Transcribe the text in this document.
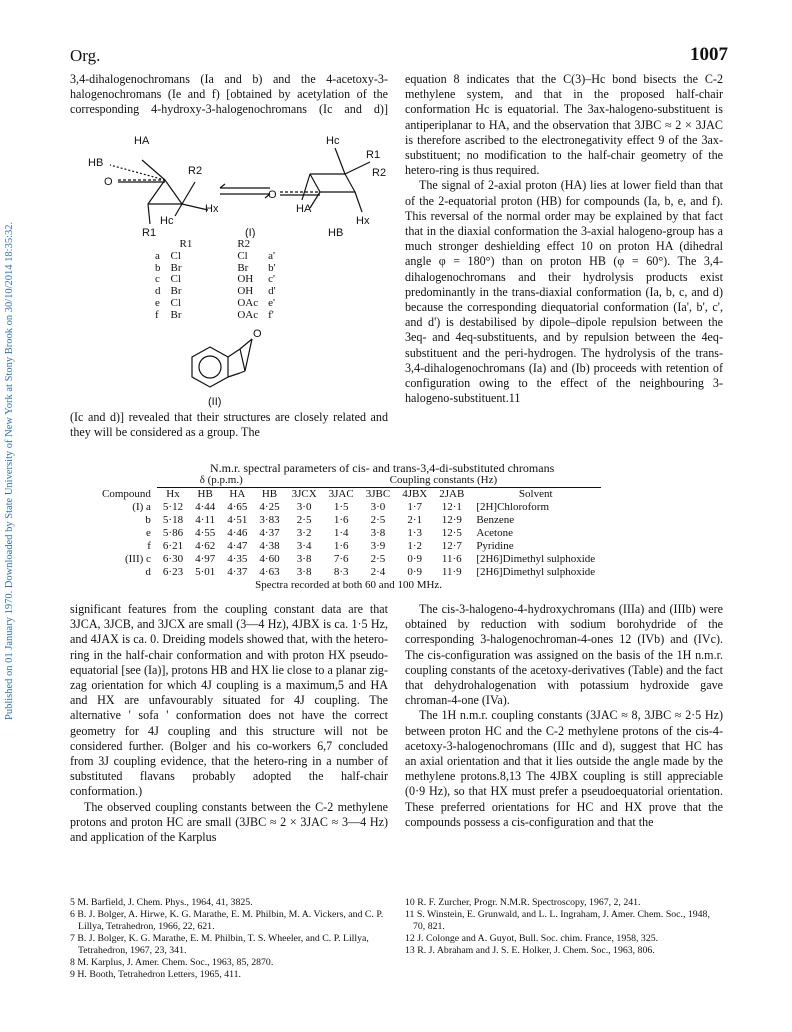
Org.	1007
Published on 01 January 1970. Downloaded by State University of New York at Stony Brook on 30/10/2014 18:35:32.

3,4-dihalogenochromans (Ia and b) and the 4-acetoxy-3-halogenochromans (Ie and f) [obtained by acetylation of the corresponding 4-hydroxy-3-halogenochromans (Ic and d)]

HA	Hc
HB
R2
R1
R2
O
O
Hx
Hc
HA
Hx
R1	HB
(I)
	R1	R2	
a	Cl	Cl	a'
b	Br	Br	b'
c	Cl	OH	c'
d	Br	OH	d'
e	Cl	OAc	e'
f	Br	OAc	f'
O
(II)

(Ic and d)] revealed that their structures are closely related and they will be considered as a group. The

equation 8 indicates that the C(3)–Hc bond bisects the C-2 methylene system, and that in the proposed half-chair conformation Hc is equatorial. The 3ax-halogeno-substituent is antiperiplanar to HA, and the observation that 3JBC ≈ 2 × 3JAC is therefore ascribed to the electronegativity effect 9 of the 3ax-substituent; no modification to the half-chair geometry of the hetero-ring is thus required.

The signal of 2-axial proton (HA) lies at lower field than that of the 2-equatorial proton (HB) for compounds (Ia, b, e, and f). This reversal of the normal order may be explained by that fact that in the diaxial conformation the 3-axial halogeno-group has a much stronger deshielding effect 10 on proton HA (dihedral angle φ = 180°) than on proton HB (φ = 60°). The 3,4-dihalogenochromans and their hydrolysis products exist predominantly in the trans-diaxial conformation (Ia, b, c, and d) because the corresponding diequatorial conformation (Ia', b', c', and d') is destabilised by dipole–dipole repulsion between the 3eq- and 4eq-substituents, and by repulsion between the 4eq-substituent and the peri-hydrogen. The hydrolysis of the trans-3,4-dihalogenochromans (Ia) and (Ib) proceeds with retention of configuration owing to the effect of the neighbouring 3-halogeno-substituent.11

N.m.r. spectral parameters of cis- and trans-3,4-di-substituted chromans
	δ (p.p.m.)				Coupling constants (Hz)					
Compound	Hx	HB	HA	HB	3JCX	3JAC	3JBC	4JBX	2JAB	Solvent
(I) a	5·12	4·44	4·65	4·25	3·0	1·5	3·0	1·7	12·1	[2H]Chloroform
b	5·18	4·11	4·51	3·83	2·5	1·6	2·5	2·1	12·9	Benzene
e	5·86	4·55	4·46	4·37	3·2	1·4	3·8	1·3	12·5	Acetone
f	6·21	4·62	4·47	4·38	3·4	1·6	3·9	1·2	12·7	Pyridine
(III) c	6·30	4·97	4·35	4·60	3·8	7·6	2·5	0·9	11·6	[2H6]Dimethyl sulphoxide
d	6·23	5·01	4·37	4·63	3·8	8·3	2·4	0·9	11·9	[2H6]Dimethyl sulphoxide
Spectra recorded at both 60 and 100 MHz.										

significant features from the coupling constant data are that 3JCA, 3JCB, and 3JCX are small (3—4 Hz), 4JBX is ca. 1·5 Hz, and 4JAX is ca. 0. Dreiding models showed that, with the hetero-ring in the half-chair conformation and with proton HX pseudo-equatorial [see (Ia)], protons HB and HX lie close to a planar zig-zag orientation for which 4J coupling is a maximum,5 and HA and HX are unfavourably situated for 4J coupling. The alternative ' sofa ' conformation does not have the correct geometry for 4J coupling and this structure will not be considered further. (Bolger and his co-workers 6,7 concluded from 3J coupling evidence, that the hetero-ring in a number of substituted flavans probably adopted the half-chair conformation.)

The observed coupling constants between the C-2 methylene protons and proton HC are small (3JBC ≈ 2 × 3JAC ≈ 3—4 Hz) and application of the Karplus

The cis-3-halogeno-4-hydroxychromans (IIIa) and (IIIb) were obtained by reduction with sodium borohydride of the corresponding 3-halogenochroman-4-ones 12 (IVb) and (IVc). The cis-configuration was assigned on the basis of the 1H n.m.r. coupling constants of the acetoxy-derivatives (Table) and the fact that dehydrohalogenation with potassium hydroxide gave chroman-4-one (IVa).

The 1H n.m.r. coupling constants (3JAC ≈ 8, 3JBC ≈ 2·5 Hz) between proton HC and the C-2 methylene protons of the cis-4-acetoxy-3-halogenochromans (IIIc and d), suggest that HC has an axial orientation and that it lies outside the angle made by the methylene protons.8,13 The 4JBX coupling is still appreciable (0·9 Hz), so that HX must prefer a pseudoequatorial orientation. These preferred orientations for HC and HX prove that the compounds possess a cis-configuration and that the

5 M. Barfield, J. Chem. Phys., 1964, 41, 3825.
6 B. J. Bolger, A. Hirwe, K. G. Marathe, E. M. Philbin, M. A. Vickers, and C. P. Lillya, Tetrahedron, 1966, 22, 621.
7 B. J. Bolger, K. G. Marathe, E. M. Philbin, T. S. Wheeler, and C. P. Lillya, Tetrahedron, 1967, 23, 341.
8 M. Karplus, J. Amer. Chem. Soc., 1963, 85, 2870.
9 H. Booth, Tetrahedron Letters, 1965, 411.
10 R. F. Zurcher, Progr. N.M.R. Spectroscopy, 1967, 2, 241.
11 S. Winstein, E. Grunwald, and L. L. Ingraham, J. Amer. Chem. Soc., 1948, 70, 821.
12 J. Colonge and A. Guyot, Bull. Soc. chim. France, 1958, 325.
13 R. J. Abraham and J. S. E. Holker, J. Chem. Soc., 1963, 806.
